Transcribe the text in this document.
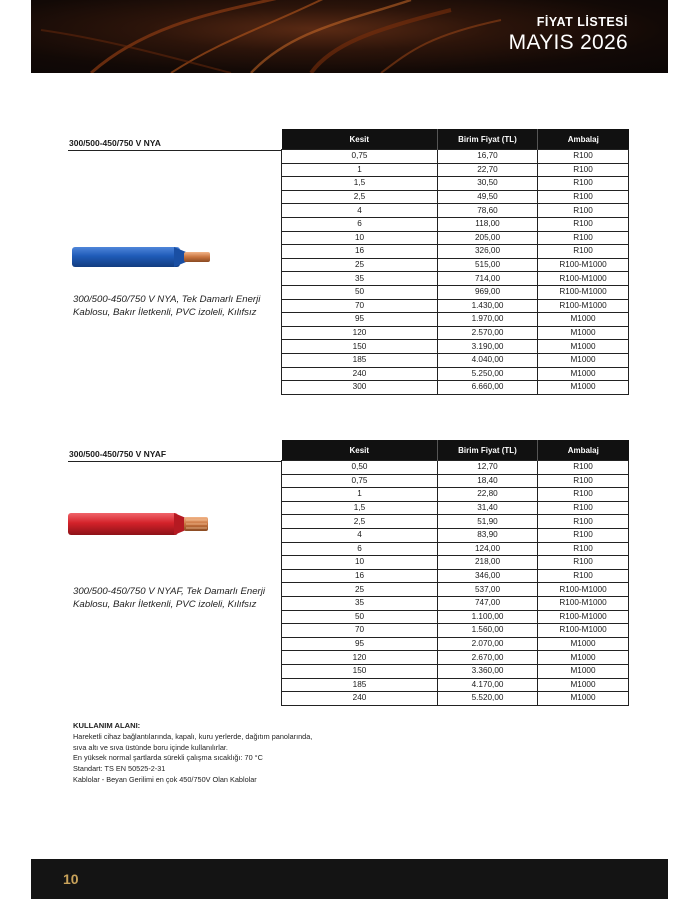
FİYAT LİSTESİ
MAYIS 2026
300/500-450/750 V NYA
300/500-450/750 V NYA, Tek Damarlı Enerji
Kablosu, Bakır İletkenli, PVC izoleli, Kılıfsız
Kesit	Birim Fiyat (TL)	Ambalaj
0,75	16,70	R100
1	22,70	R100
1,5	30,50	R100
2,5	49,50	R100
4	78,60	R100
6	118,00	R100
10	205,00	R100
16	326,00	R100
25	515,00	R100-M1000
35	714,00	R100-M1000
50	969,00	R100-M1000
70	1.430,00	R100-M1000
95	1.970,00	M1000
120	2.570,00	M1000
150	3.190,00	M1000
185	4.040,00	M1000
240	5.250,00	M1000
300	6.660,00	M1000
300/500-450/750 V NYAF
300/500-450/750 V NYAF, Tek Damarlı Enerji
Kablosu, Bakır İletkenli, PVC izoleli, Kılıfsız
Kesit	Birim Fiyat (TL)	Ambalaj
0,50	12,70	R100
0,75	18,40	R100
1	22,80	R100
1,5	31,40	R100
2,5	51,90	R100
4	83,90	R100
6	124,00	R100
10	218,00	R100
16	346,00	R100
25	537,00	R100-M1000
35	747,00	R100-M1000
50	1.100,00	R100-M1000
70	1.560,00	R100-M1000
95	2.070,00	M1000
120	2.670,00	M1000
150	3.360,00	M1000
185	4.170,00	M1000
240	5.520,00	M1000
KULLANIM ALANI:
Hareketli cihaz bağlantılarında, kapalı, kuru yerlerde, dağıtım panolarında,
sıva altı ve sıva üstünde boru içinde kullanılırlar.
En yüksek normal şartlarda sürekli çalışma sıcaklığı: 70 °C
Standart: TS EN 50525-2-31
Kablolar - Beyan Gerilimi en çok 450/750V Olan Kablolar
10
